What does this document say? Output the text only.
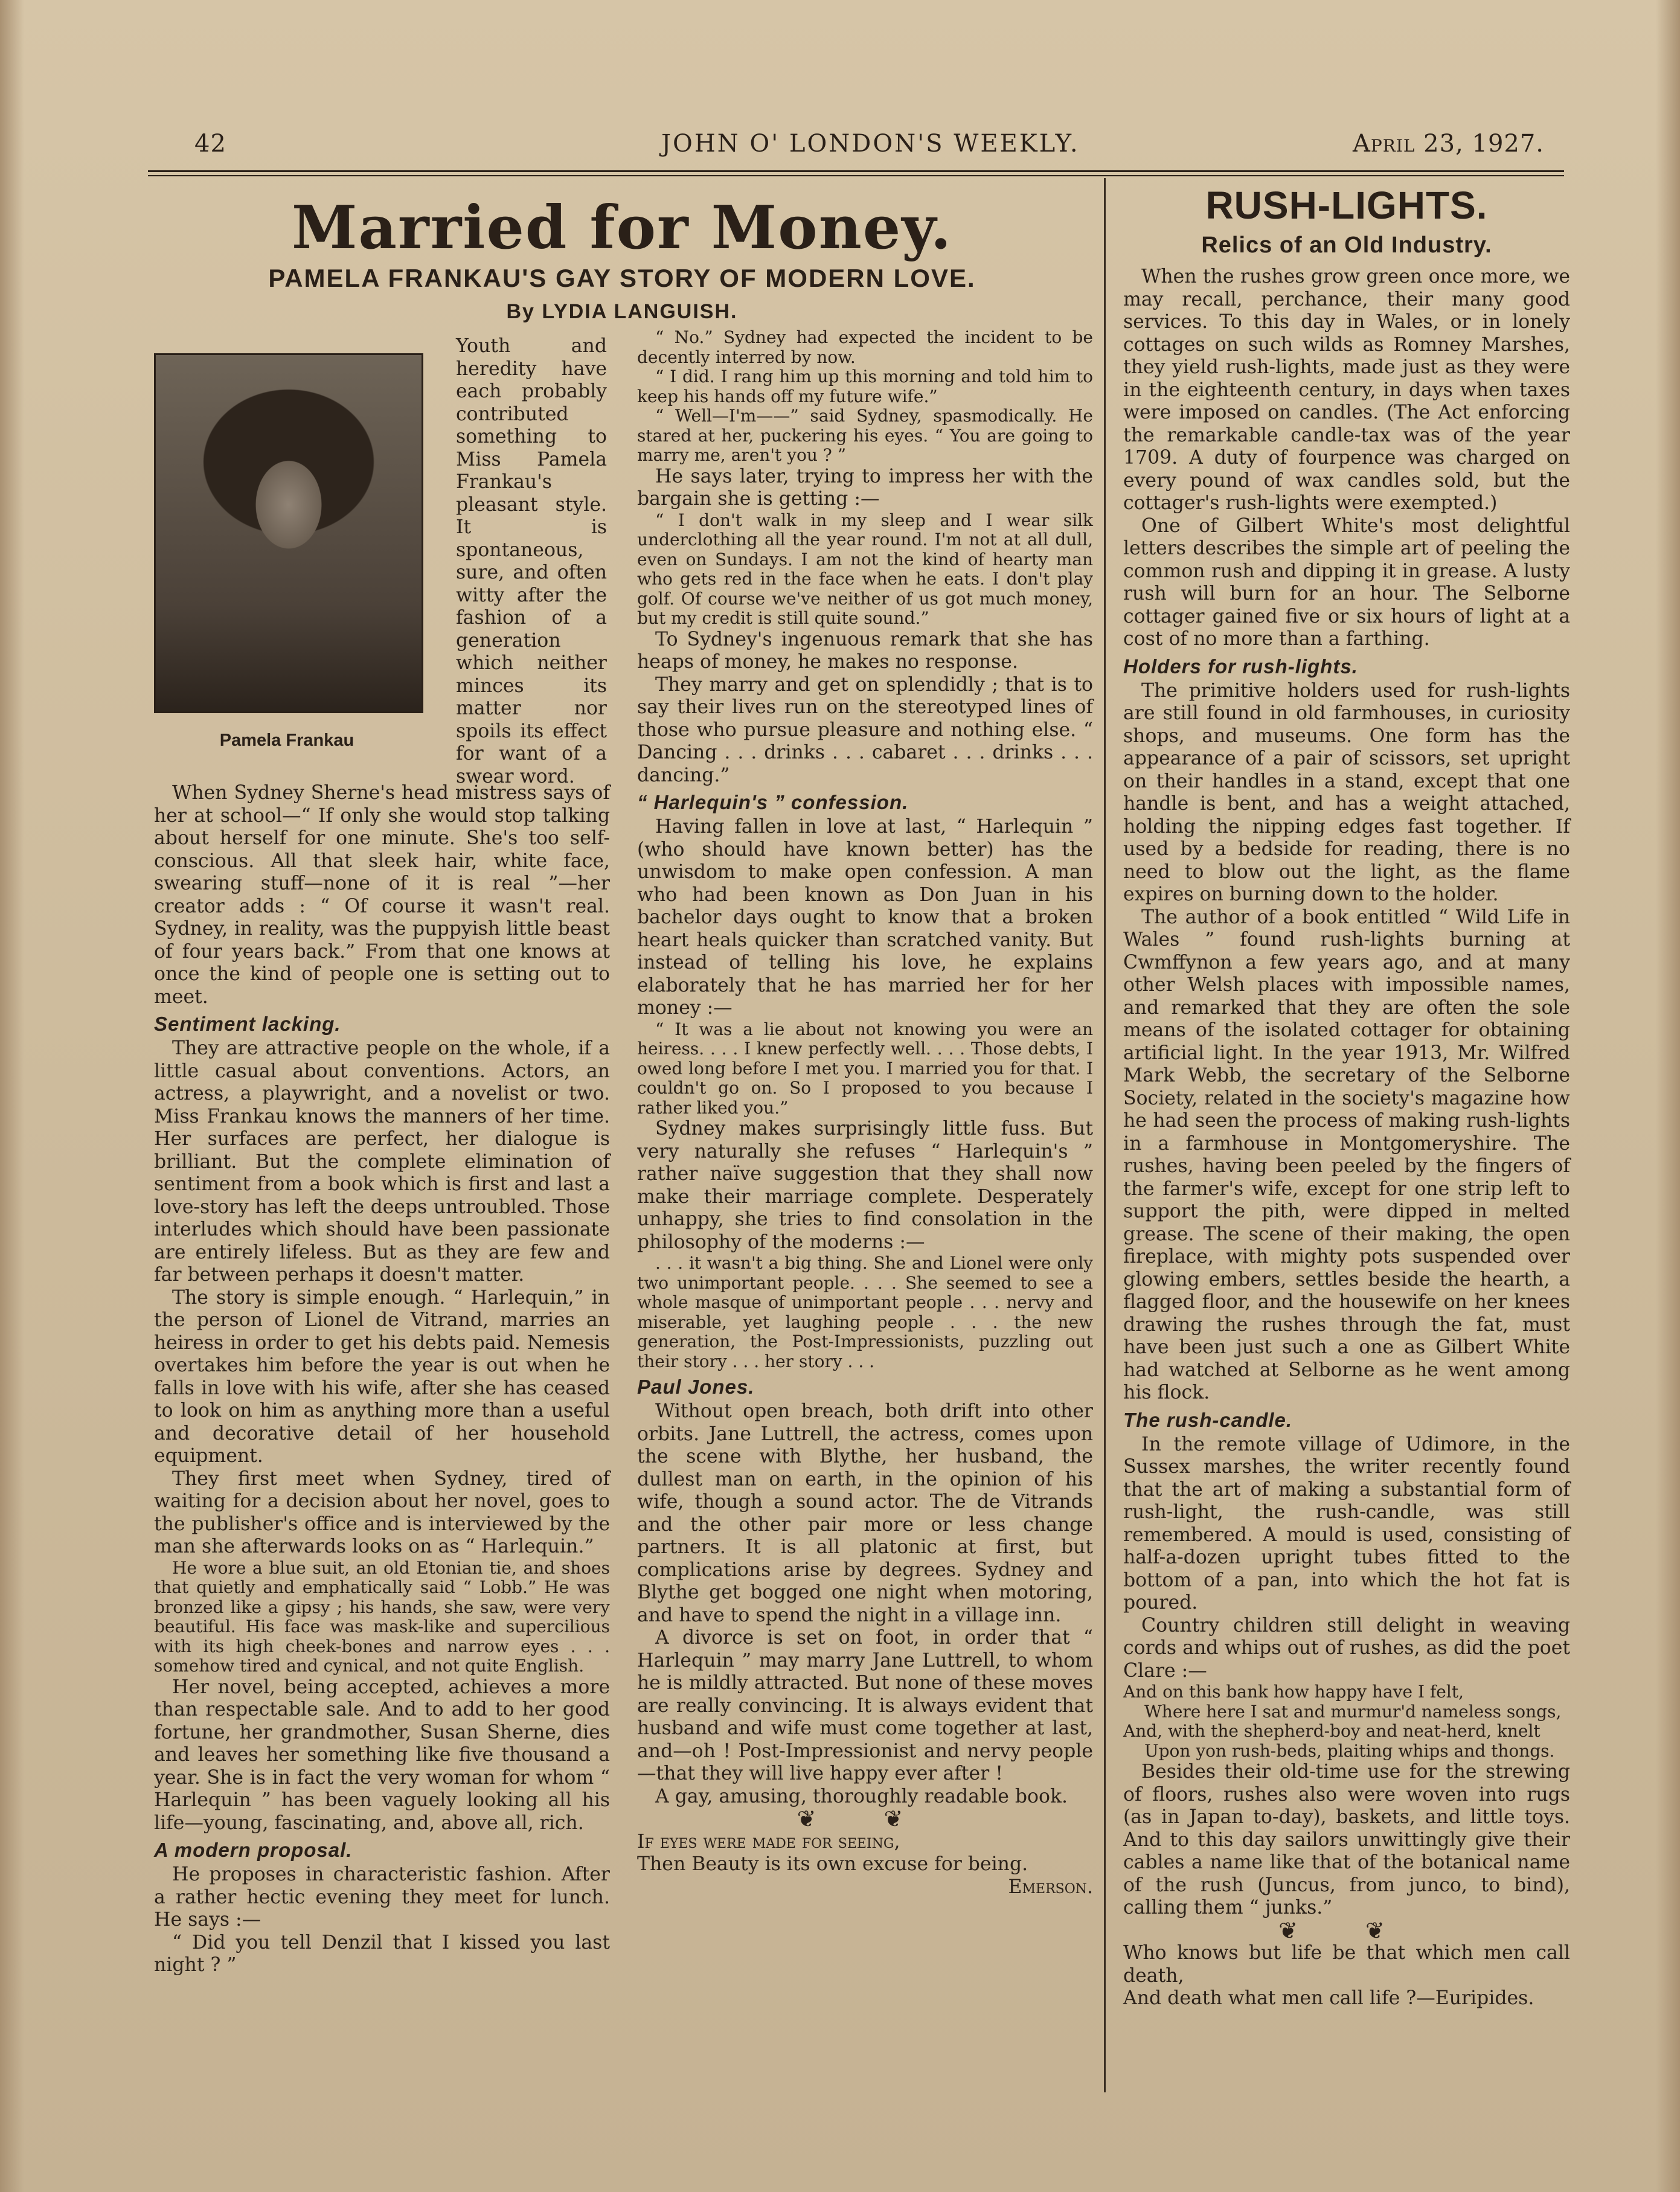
42	JOHN O' LONDON'S WEEKLY.	April 23, 1927.
Married for Money.
PAMELA FRANKAU'S GAY STORY OF MODERN LOVE.
By LYDIA LANGUISH.
Pamela Frankau

Youth and heredity have each probably contributed something to Miss Pamela Frankau's pleasant style. It is spontaneous, sure, and often witty after the fashion of a generation which neither minces its matter nor spoils its effect for want of a swear word.

When Sydney Sherne's head mistress says of her at school—“ If only she would stop talking about herself for one minute. She's too self-conscious. All that sleek hair, white face, swearing stuff—none of it is real ”—her creator adds : “ Of course it wasn't real. Sydney, in reality, was the puppyish little beast of four years back.” From that one knows at once the kind of people one is setting out to meet.

Sentiment lacking.

They are attractive people on the whole, if a little casual about conventions. Actors, an actress, a playwright, and a novelist or two. Miss Frankau knows the manners of her time. Her surfaces are perfect, her dialogue is brilliant. But the complete elimination of sentiment from a book which is first and last a love-story has left the deeps untroubled. Those interludes which should have been passionate are entirely lifeless. But as they are few and far between perhaps it doesn't matter.

The story is simple enough. “ Harlequin,” in the person of Lionel de Vitrand, marries an heiress in order to get his debts paid. Nemesis overtakes him before the year is out when he falls in love with his wife, after she has ceased to look on him as anything more than a useful and decorative detail of her household equipment.

They first meet when Sydney, tired of waiting for a decision about her novel, goes to the publisher's office and is interviewed by the man she afterwards looks on as “ Harlequin.”

He wore a blue suit, an old Etonian tie, and shoes that quietly and emphatically said “ Lobb.” He was bronzed like a gipsy ; his hands, she saw, were very beautiful. His face was mask-like and supercilious with its high cheek-bones and narrow eyes . . . somehow tired and cynical, and not quite English.

Her novel, being accepted, achieves a more than respectable sale. And to add to her good fortune, her grandmother, Susan Sherne, dies and leaves her something like five thousand a year. She is in fact the very woman for whom “ Harlequin ” has been vaguely looking all his life—young, fascinating, and, above all, rich.

A modern proposal.

He proposes in characteristic fashion. After a rather hectic evening they meet for lunch. He says :—

“ Did you tell Denzil that I kissed you last night ? ”

“ No.” Sydney had expected the incident to be decently interred by now.

“ I did. I rang him up this morning and told him to keep his hands off my future wife.”

“ Well—I'm——” said Sydney, spasmodically. He stared at her, puckering his eyes. “ You are going to marry me, aren't you ? ”

He says later, trying to impress her with the bargain she is getting :—

“ I don't walk in my sleep and I wear silk underclothing all the year round. I'm not at all dull, even on Sundays. I am not the kind of hearty man who gets red in the face when he eats. I don't play golf. Of course we've neither of us got much money, but my credit is still quite sound.”

To Sydney's ingenuous remark that she has heaps of money, he makes no response.

They marry and get on splendidly ; that is to say their lives run on the stereotyped lines of those who pursue pleasure and nothing else. “ Dancing . . . drinks . . . cabaret . . . drinks . . . dancing.”

“ Harlequin's ” confession.

Having fallen in love at last, “ Harlequin ” (who should have known better) has the unwisdom to make open confession. A man who had been known as Don Juan in his bachelor days ought to know that a broken heart heals quicker than scratched vanity. But instead of telling his love, he explains elaborately that he has married her for her money :—

“ It was a lie about not knowing you were an heiress. . . . I knew perfectly well. . . . Those debts, I owed long before I met you. I married you for that. I couldn't go on. So I proposed to you because I rather liked you.”

Sydney makes surprisingly little fuss. But very naturally she refuses “ Harlequin's ” rather naïve suggestion that they shall now make their marriage complete. Desperately unhappy, she tries to find consolation in the philosophy of the moderns :—

. . . it wasn't a big thing. She and Lionel were only two unimportant people. . . . She seemed to see a whole masque of unimportant people . . . nervy and miserable, yet laughing people . . . the new generation, the Post-Impressionists, puzzling out their story . . . her story . . .

Paul Jones.

Without open breach, both drift into other orbits. Jane Luttrell, the actress, comes upon the scene with Blythe, her husband, the dullest man on earth, in the opinion of his wife, though a sound actor. The de Vitrands and the other pair more or less change partners. It is all platonic at first, but complications arise by degrees. Sydney and Blythe get bogged one night when motoring, and have to spend the night in a village inn.

A divorce is set on foot, in order that “ Harlequin ” may marry Jane Luttrell, to whom he is mildly attracted. But none of these moves are really convincing. It is always evident that husband and wife must come together at last, and—oh ! Post-Impressionist and nervy people—that they will live happy ever after !

A gay, amusing, thoroughly readable book.

❦ ❦

If eyes were made for seeing,

Then Beauty is its own excuse for being.

Emerson.

RUSH-LIGHTS.
Relics of an Old Industry.

When the rushes grow green once more, we may recall, perchance, their many good services. To this day in Wales, or in lonely cottages on such wilds as Romney Marshes, they yield rush-lights, made just as they were in the eighteenth century, in days when taxes were imposed on candles. (The Act enforcing the remarkable candle-tax was of the year 1709. A duty of fourpence was charged on every pound of wax candles sold, but the cottager's rush-lights were exempted.)

One of Gilbert White's most delightful letters describes the simple art of peeling the common rush and dipping it in grease. A lusty rush will burn for an hour. The Selborne cottager gained five or six hours of light at a cost of no more than a farthing.

Holders for rush-lights.

The primitive holders used for rush-lights are still found in old farmhouses, in curiosity shops, and museums. One form has the appearance of a pair of scissors, set upright on their handles in a stand, except that one handle is bent, and has a weight attached, holding the nipping edges fast together. If used by a bedside for reading, there is no need to blow out the light, as the flame expires on burning down to the holder.

The author of a book entitled “ Wild Life in Wales ” found rush-lights burning at Cwmffynon a few years ago, and at many other Welsh places with impossible names, and remarked that they are often the sole means of the isolated cottager for obtaining artificial light. In the year 1913, Mr. Wilfred Mark Webb, the secretary of the Selborne Society, related in the society's magazine how he had seen the process of making rush-lights in a farmhouse in Montgomeryshire. The rushes, having been peeled by the fingers of the farmer's wife, except for one strip left to support the pith, were dipped in melted grease. The scene of their making, the open fireplace, with mighty pots suspended over glowing embers, settles beside the hearth, a flagged floor, and the housewife on her knees drawing the rushes through the fat, must have been just such a one as Gilbert White had watched at Selborne as he went among his flock.

The rush-candle.

In the remote village of Udimore, in the Sussex marshes, the writer recently found that the art of making a substantial form of rush-light, the rush-candle, was still remembered. A mould is used, consisting of half-a-dozen upright tubes fitted to the bottom of a pan, into which the hot fat is poured.

Country children still delight in weaving cords and whips out of rushes, as did the poet Clare :—

And on this bank how happy have I felt,

Where here I sat and murmur'd nameless songs,

And, with the shepherd-boy and neat-herd, knelt

Upon yon rush-beds, plaiting whips and thongs.

Besides their old-time use for the strewing of floors, rushes also were woven into rugs (as in Japan to-day), baskets, and little toys. And to this day sailors unwittingly give their cables a name like that of the botanical name of the rush (Juncus, from junco, to bind), calling them “ junks.”

❦ ❦

Who knows but life be that which men call death,

And death what men call life ?—Euripides.
